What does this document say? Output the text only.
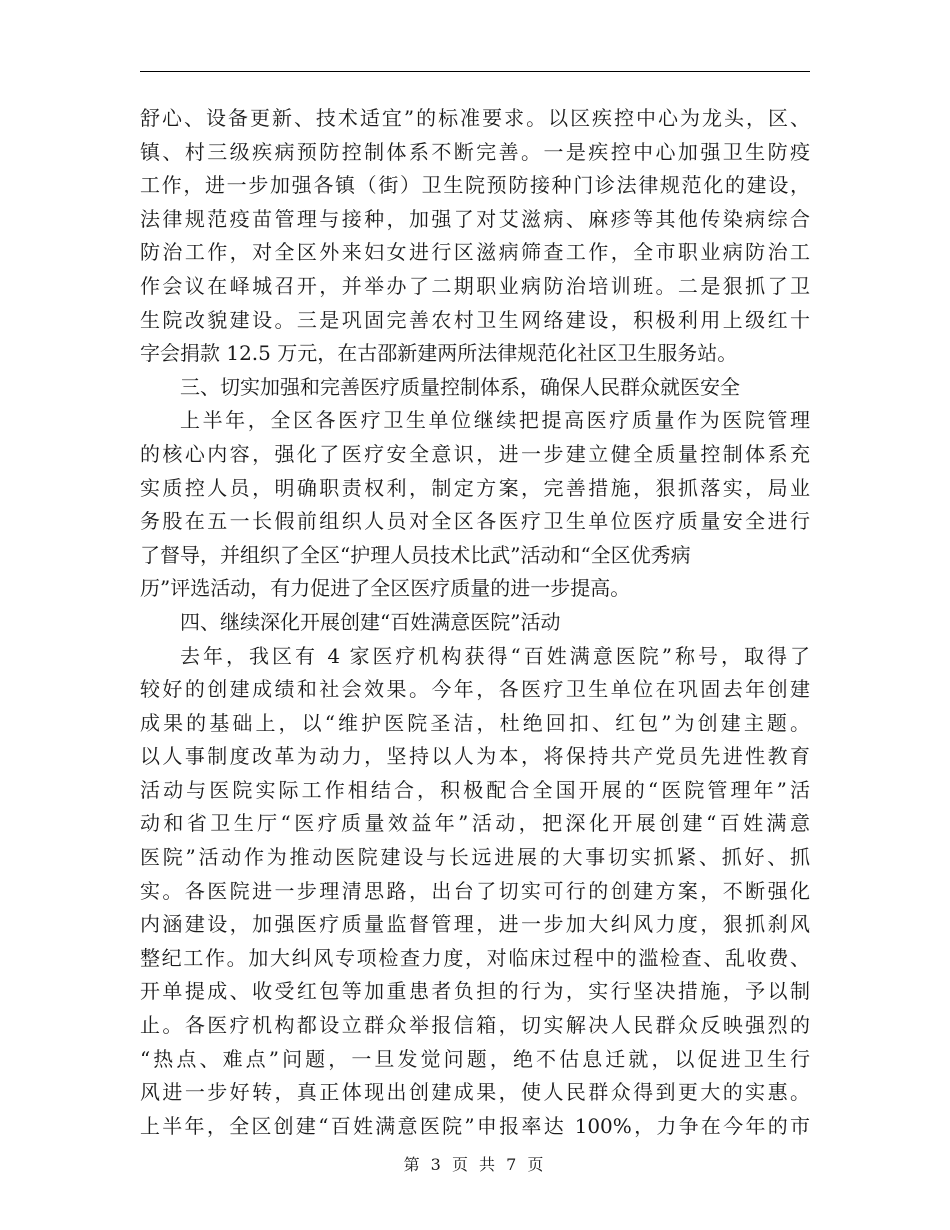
舒心、设备更新、技术适宜”的标准要求。以区疾控中心为龙头，区、
镇、村三级疾病预防控制体系不断完善。一是疾控中心加强卫生防疫
工作，进一步加强各镇（街）卫生院预防接种门诊法律规范化的建设，
法律规范疫苗管理与接种，加强了对艾滋病、麻疹等其他传染病综合
防治工作，对全区外来妇女进行区滋病筛查工作，全市职业病防治工
作会议在峄城召开，并举办了二期职业病防治培训班。二是狠抓了卫
生院改貌建设。三是巩固完善农村卫生网络建设，积极利用上级红十
字会捐款 12.5 万元，在古邵新建两所法律规范化社区卫生服务站。
三、切实加强和完善医疗质量控制体系，确保人民群众就医安全
上半年，全区各医疗卫生单位继续把提高医疗质量作为医院管理
的核心内容，强化了医疗安全意识，进一步建立健全质量控制体系充
实质控人员，明确职责权利，制定方案，完善措施，狠抓落实，局业
务股在五一长假前组织人员对全区各医疗卫生单位医疗质量安全进行
了督导，并组织了全区“护理人员技术比武”活动和“全区优秀病
历”评选活动，有力促进了全区医疗质量的进一步提高。
四、继续深化开展创建“百姓满意医院”活动
去年，我区有 4 家医疗机构获得“百姓满意医院”称号，取得了
较好的创建成绩和社会效果。今年，各医疗卫生单位在巩固去年创建
成果的基础上，以“维护医院圣洁，杜绝回扣、红包”为创建主题。
以人事制度改革为动力，坚持以人为本，将保持共产党员先进性教育
活动与医院实际工作相结合，积极配合全国开展的“医院管理年”活
动和省卫生厅“医疗质量效益年”活动，把深化开展创建“百姓满意
医院”活动作为推动医院建设与长远进展的大事切实抓紧、抓好、抓
实。各医院进一步理清思路，出台了切实可行的创建方案，不断强化
内涵建设，加强医疗质量监督管理，进一步加大纠风力度，狠抓刹风
整纪工作。加大纠风专项检查力度，对临床过程中的滥检查、乱收费、
开单提成、收受红包等加重患者负担的行为，实行坚决措施，予以制
止。各医疗机构都设立群众举报信箱，切实解决人民群众反映强烈的
“热点、难点”问题，一旦发觉问题，绝不估息迁就，以促进卫生行
风进一步好转，真正体现出创建成果，使人民群众得到更大的实惠。
上半年，全区创建“百姓满意医院”申报率达 100%，力争在今年的市
第 3 页 共 7 页
